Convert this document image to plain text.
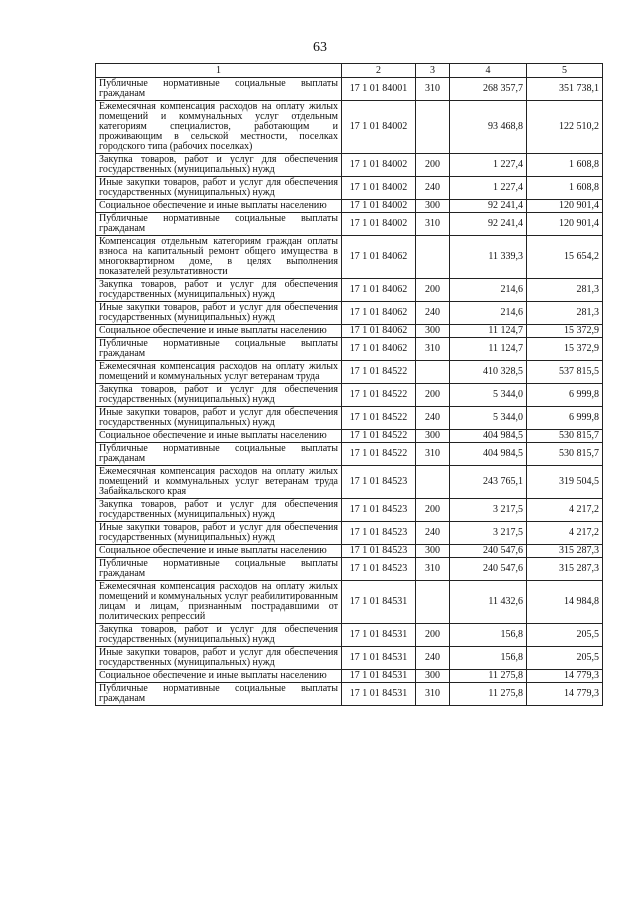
63
1	2	3	4	5
Публичные нормативные социальные выплаты гражданам	17 1 01 84001	310	268 357,7	351 738,1
Ежемесячная компенсация расходов на оплату жилых помещений и коммунальных услуг отдельным категориям специалистов, работающим и проживающим в сельской местности, поселках городского типа (рабочих поселках)	17 1 01 84002		93 468,8	122 510,2
Закупка товаров, работ и услуг для обеспечения государственных (муниципальных) нужд	17 1 01 84002	200	1 227,4	1 608,8
Иные закупки товаров, работ и услуг для обеспечения государственных (муниципальных) нужд	17 1 01 84002	240	1 227,4	1 608,8
Социальное обеспечение и иные выплаты населению	17 1 01 84002	300	92 241,4	120 901,4
Публичные нормативные социальные выплаты гражданам	17 1 01 84002	310	92 241,4	120 901,4
Компенсация отдельным категориям граждан оплаты взноса на капитальный ремонт общего имущества в многоквартирном доме, в целях выполнения показателей результативности	17 1 01 84062		11 339,3	15 654,2
Закупка товаров, работ и услуг для обеспечения государственных (муниципальных) нужд	17 1 01 84062	200	214,6	281,3
Иные закупки товаров, работ и услуг для обеспечения государственных (муниципальных) нужд	17 1 01 84062	240	214,6	281,3
Социальное обеспечение и иные выплаты населению	17 1 01 84062	300	11 124,7	15 372,9
Публичные нормативные социальные выплаты гражданам	17 1 01 84062	310	11 124,7	15 372,9
Ежемесячная компенсация расходов на оплату жилых помещений и коммунальных услуг ветеранам труда	17 1 01 84522		410 328,5	537 815,5
Закупка товаров, работ и услуг для обеспечения государственных (муниципальных) нужд	17 1 01 84522	200	5 344,0	6 999,8
Иные закупки товаров, работ и услуг для обеспечения государственных (муниципальных) нужд	17 1 01 84522	240	5 344,0	6 999,8
Социальное обеспечение и иные выплаты населению	17 1 01 84522	300	404 984,5	530 815,7
Публичные нормативные социальные выплаты гражданам	17 1 01 84522	310	404 984,5	530 815,7
Ежемесячная компенсация расходов на оплату жилых помещений и коммунальных услуг ветеранам труда Забайкальского края	17 1 01 84523		243 765,1	319 504,5
Закупка товаров, работ и услуг для обеспечения государственных (муниципальных) нужд	17 1 01 84523	200	3 217,5	4 217,2
Иные закупки товаров, работ и услуг для обеспечения государственных (муниципальных) нужд	17 1 01 84523	240	3 217,5	4 217,2
Социальное обеспечение и иные выплаты населению	17 1 01 84523	300	240 547,6	315 287,3
Публичные нормативные социальные выплаты гражданам	17 1 01 84523	310	240 547,6	315 287,3
Ежемесячная компенсация расходов на оплату жилых помещений и коммунальных услуг реабилитированным лицам и лицам, признанным пострадавшими от политических репрессий	17 1 01 84531		11 432,6	14 984,8
Закупка товаров, работ и услуг для обеспечения государственных (муниципальных) нужд	17 1 01 84531	200	156,8	205,5
Иные закупки товаров, работ и услуг для обеспечения государственных (муниципальных) нужд	17 1 01 84531	240	156,8	205,5
Социальное обеспечение и иные выплаты населению	17 1 01 84531	300	11 275,8	14 779,3
Публичные нормативные социальные выплаты гражданам	17 1 01 84531	310	11 275,8	14 779,3
